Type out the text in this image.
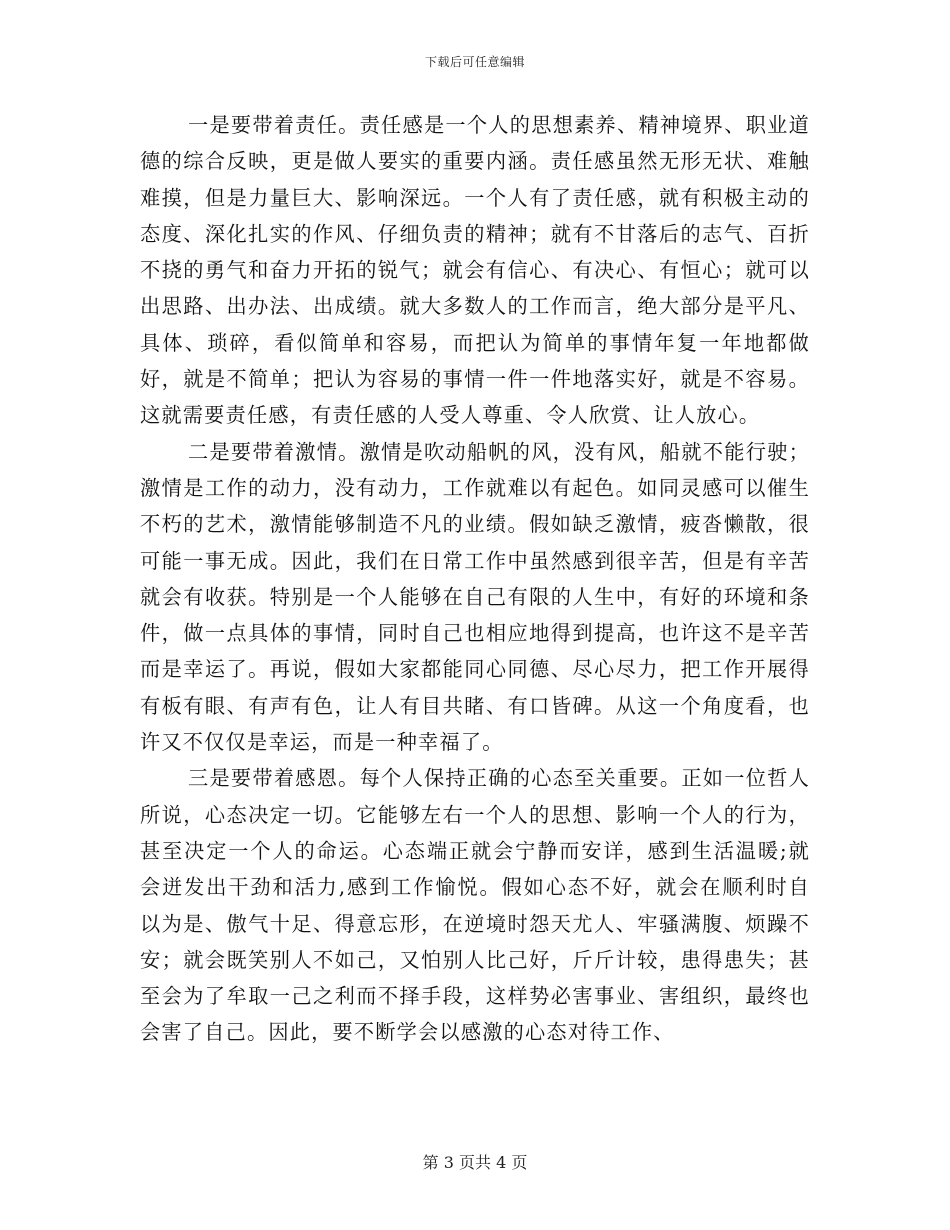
下载后可任意编辑

一是要带着责任。责任感是一个人的思想素养、精神境界、职业道德的综合反映，更是做人要实的重要内涵。责任感虽然无形无状、难触难摸，但是力量巨大、影响深远。一个人有了责任感，就有积极主动的态度、深化扎实的作风、仔细负责的精神；就有不甘落后的志气、百折不挠的勇气和奋力开拓的锐气；就会有信心、有决心、有恒心；就可以出思路、出办法、出成绩。就大多数人的工作而言，绝大部分是平凡、具体、琐碎，看似简单和容易，而把认为简单的事情年复一年地都做好，就是不简单；把认为容易的事情一件一件地落实好，就是不容易。这就需要责任感，有责任感的人受人尊重、令人欣赏、让人放心。

二是要带着激情。激情是吹动船帆的风，没有风，船就不能行驶；激情是工作的动力，没有动力，工作就难以有起色。如同灵感可以催生不朽的艺术，激情能够制造不凡的业绩。假如缺乏激情，疲沓懒散，很可能一事无成。因此，我们在日常工作中虽然感到很辛苦，但是有辛苦就会有收获。特别是一个人能够在自己有限的人生中，有好的环境和条件，做一点具体的事情，同时自己也相应地得到提高，也许这不是辛苦而是幸运了。再说，假如大家都能同心同德、尽心尽力，把工作开展得有板有眼、有声有色，让人有目共睹、有口皆碑。从这一个角度看，也许又不仅仅是幸运，而是一种幸福了。

三是要带着感恩。每个人保持正确的心态至关重要。正如一位哲人所说，心态决定一切。它能够左右一个人的思想、影响一个人的行为，甚至决定一个人的命运。心态端正就会宁静而安详，感到生活温暖;就会迸发出干劲和活力,感到工作愉悦。假如心态不好，就会在顺利时自以为是、傲气十足、得意忘形，在逆境时怨天尤人、牢骚满腹、烦躁不安；就会既笑别人不如己，又怕别人比己好，斤斤计较，患得患失；甚至会为了牟取一己之利而不择手段，这样势必害事业、害组织，最终也会害了自己。因此，要不断学会以感激的心态对待工作、

第 3 页共 4 页
